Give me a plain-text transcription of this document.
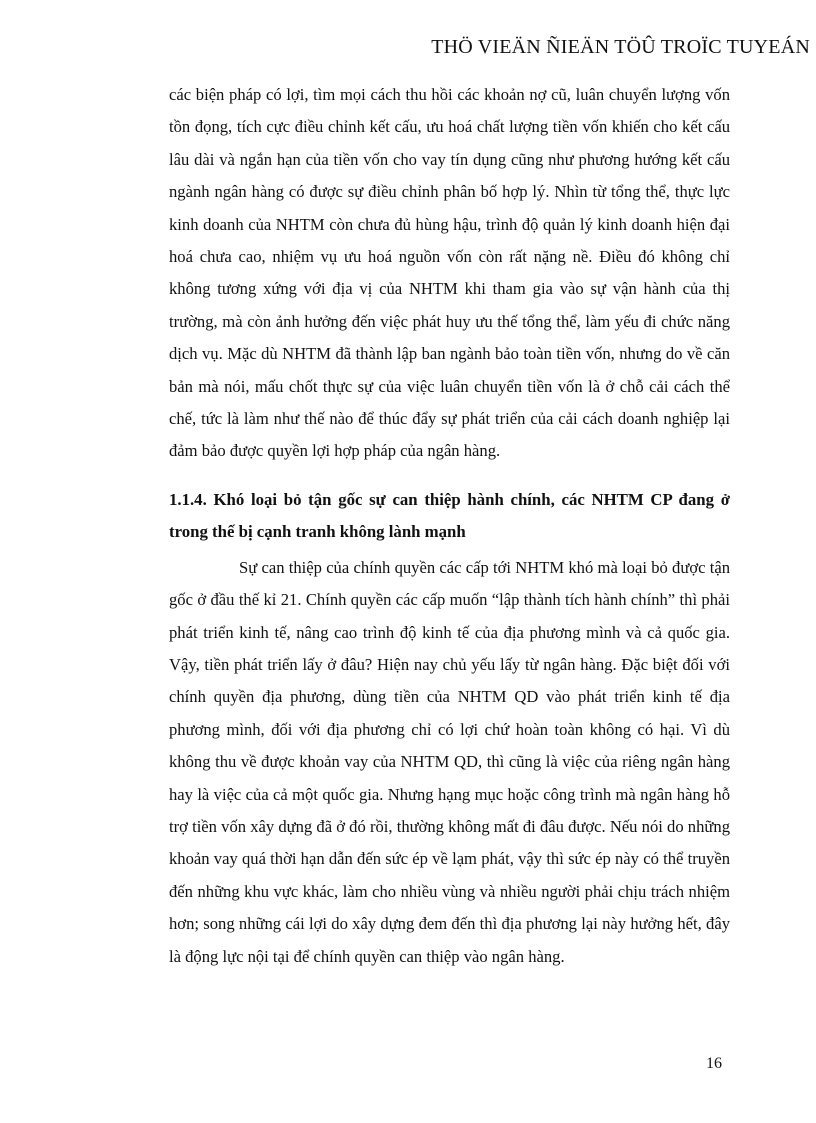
THÖ VIEÄN ÑIEÄN TÖÛ TROÏC TUYEÁN

các biện pháp có lợi, tìm mọi cách thu hồi các khoản nợ cũ, luân chuyển lượng vốn tồn đọng, tích cực điều chỉnh kết cấu, ưu hoá chất lượng tiền vốn khiến cho kết cấu lâu dài và ngắn hạn của tiền vốn cho vay tín dụng cũng như phương hướng kết cấu ngành ngân hàng có được sự điều chỉnh phân bố hợp lý. Nhìn từ tổng thể, thực lực kinh doanh của NHTM còn chưa đủ hùng hậu, trình độ quản lý kinh doanh hiện đại hoá chưa cao, nhiệm vụ ưu hoá nguồn vốn còn rất nặng nề. Điều đó không chỉ không tương xứng với địa vị của NHTM khi tham gia vào sự vận hành của thị trường, mà còn ảnh hưởng đến việc phát huy ưu thế tổng thể, làm yếu đi chức năng dịch vụ. Mặc dù NHTM đã thành lập ban ngành bảo toàn tiền vốn, nhưng do về căn bản mà nói, mấu chốt thực sự của việc luân chuyển tiền vốn là ở chỗ cải cách thể chế, tức là làm như thế nào để thúc đẩy sự phát triển của cải cách doanh nghiệp lại đảm bảo được quyền lợi hợp pháp của ngân hàng.

1.1.4. Khó loại bỏ tận gốc sự can thiệp hành chính, các NHTM CP đang ở trong thế bị cạnh tranh không lành mạnh

Sự can thiệp của chính quyền các cấp tới NHTM khó mà loại bỏ được tận gốc ở đầu thế kỉ 21. Chính quyền các cấp muốn “lập thành tích hành chính” thì phải phát triển kinh tế, nâng cao trình độ kinh tế của địa phương mình và cả quốc gia. Vậy, tiền phát triển lấy ở đâu? Hiện nay chủ yếu lấy từ ngân hàng. Đặc biệt đối với chính quyền địa phương, dùng tiền của NHTM QD vào phát triển kinh tế địa phương mình, đối với địa phương chỉ có lợi chứ hoàn toàn không có hại. Vì dù không thu về được khoản vay của NHTM QD, thì cũng là việc của riêng ngân hàng hay là việc của cả một quốc gia. Nhưng hạng mục hoặc công trình mà ngân hàng hỗ trợ tiền vốn xây dựng đã ở đó rồi, thường không mất đi đâu được. Nếu nói do những khoản vay quá thời hạn dẫn đến sức ép về lạm phát, vậy thì sức ép này có thể truyền đến những khu vực khác, làm cho nhiều vùng và nhiều người phải chịu trách nhiệm hơn; song những cái lợi do xây dựng đem đến thì địa phương lại này hưởng hết, đây là động lực nội tại để chính quyền can thiệp vào ngân hàng.

16
